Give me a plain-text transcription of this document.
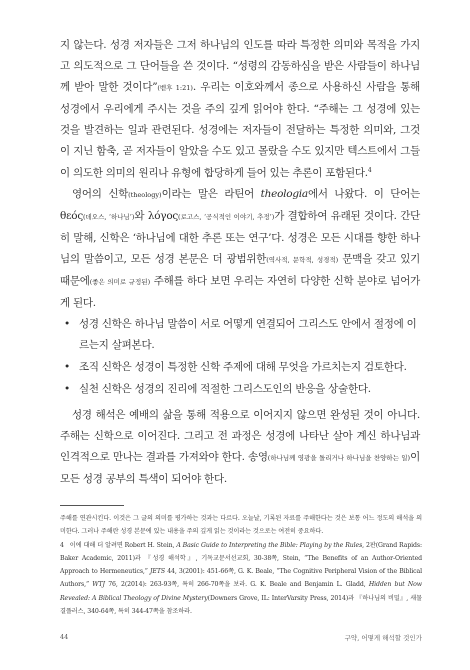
지 않는다. 성경 저자들은 그저 하나님의 인도를 따라 특정한 의미와 목적을 가지고 의도적으로 그 단어들을 쓴 것이다. “성령의 감동하심을 받은 사람들이 하나님께 받아 말한 것이다”(벧후 1:21). 우리는 이호와께서 종으로 사용하신 사람을 통해 성경에서 우리에게 주시는 것을 주의 깊게 읽어야 한다. “주해는 그 성경에 있는 것을 발견하는 일과 관련된다. 성경에는 저자들이 전달하는 특정한 의미와, 그것이 지닌 함축, 곧 저자들이 알았을 수도 있고 몰랐을 수도 있지만 텍스트에서 그들이 의도한 의미의 원리나 유형에 합당하게 들어 있는 추론이 포함된다.$^4$

영어의 신학(theology)이라는 말은 라틴어 theologia에서 나왔다. 이 단어는 θεός(데오스, ‘하나님’)와 λόγος(로고스, ‘공식적인 이야기, 추정’)가 결합하여 유래된 것이다. 간단히 말해, 신학은 ‘하나님에 대한 추론 또는 연구’다. 성경은 모든 시대를 향한 하나님의 말씀이고, 모든 성경 본문은 더 광범위한(역사적, 문학적, 성경적) 문맥을 갖고 있기 때문에(좋은 의미로 규정된) 주해를 하다 보면 우리는 자연히 다양한 신학 분야로 넘어가게 된다.

• 성경 신학은 하나님 말씀이 서로 어떻게 연결되어 그리스도 안에서 절정에 이르는지 살펴본다.
• 조직 신학은 성경이 특정한 신학 주제에 대해 무엇을 가르치는지 검토한다.
• 실천 신학은 성경의 진리에 적절한 그리스도인의 반응을 상술한다.

성경 해석은 예배의 삶을 통해 적용으로 이어지지 않으면 완성된 것이 아니다. 주해는 신학으로 이어진다. 그리고 전 과정은 성경에 나타난 살아 계신 하나님과 인격적으로 만나는 결과를 가져와야 한다. 송영(하나님께 영광을 돌리거나 하나님을 찬양하는 일)이 모든 성경 공부의 특색이 되어야 한다.

주해를 연관시킨다. 이것은 그 글의 의미를 평가하는 것과는 다르다. 오늘날, 기록된 자료를 주해한다는 것은 보통 어느 정도의 해석을 의미한다. 그러나 주해란 성경 본문에 있는 내용을 주의 깊게 읽는 것이라는 것으로는 여전히 중요하다.

4 이에 대해 더 알려면 Robert H. Stein, A Basic Guide to Interpreting the Bible: Playing by the Rules, 2판(Grand Rapids: Baker Academic, 2011)과 『성경 해석학』, 기독교문서선교회, 30-38쪽, Stein, “The Benefits of an Author-Oriented Approach to Hermeneutics,” JETS 44, 3(2001): 451-66쪽, G. K. Beale, “The Cognitive Peripheral Vision of the Biblical Authors,” WTJ 76, 2(2014): 263-93쪽, 특히 266-70쪽을 보라. G. K. Beale and Benjamin L. Gladd, Hidden but Now Revealed: A Biblical Theology of Divine Mystery(Downers Grove, IL: InterVarsity Press, 2014)과 『하나님의 비밀』, 새물결플러스, 340-64쪽, 특히 344-47쪽을 참조하라.

44	구약, 어떻게 해석할 것인가
